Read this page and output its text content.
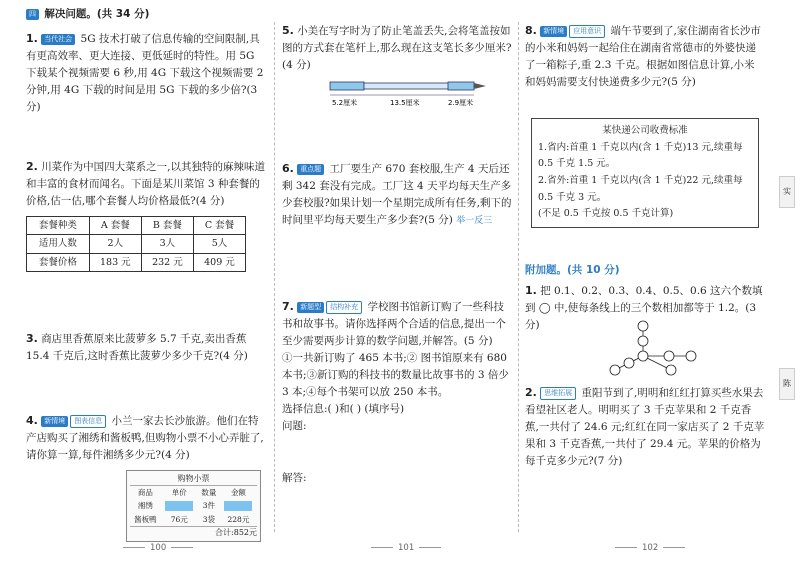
四 解决问题。(共 34 分)
1. 当代社会 5G 技术打破了信息传输的空间限制,具有更高效率、更大连接、更低延时的特性。用 5G 下载某个视频需要 6 秒,用 4G 下载这个视频需要 2 分钟,用 4G 下载的时间是用 5G 下载的多少倍?(3 分)
2. 川菜作为中国四大菜系之一,以其独特的麻辣味道和丰富的食材而闻名。下面是某川菜馆 3 种套餐的价格,估一估,哪个套餐人均价格最低?(4 分)
套餐种类	A 套餐	B 套餐	C 套餐
适用人数	2人	3人	5人
套餐价格	183 元	232 元	409 元
3. 商店里香蕉原来比菠萝多 5.7 千克,卖出香蕉 15.4 千克后,这时香蕉比菠萝少多少千克?(4 分)
4. 新情境 图表信息 小兰一家去长沙旅游。他们在特产店购买了湘绣和酱板鸭,但购物小票不小心弄脏了,请你算一算,每件湘绣多少元?(4 分)
购物小票
商品	单价	数量	金额
湘绣		3件	
酱板鸭	76元	3袋	228元
合计:852元
100
5. 小美在写字时为了防止笔盖丢失,会将笔盖按如图的方式套在笔杆上,那么现在这支笔长多少厘米?(4 分)
5.2厘米	13.5厘米	2.9厘米
6. 重点题 工厂要生产 670 套校服,生产 4 天后还剩 342 套没有完成。工厂这 4 天平均每天生产多少套校服?如果计划一个星期完成所有任务,剩下的时间里平均每天要生产多少套?(5 分) 举一反三
7. 新题型 结构补充 学校图书馆新订购了一些科技书和故事书。请你选择两个合适的信息,提出一个至少需要两步计算的数学问题,并解答。(5 分)
①一共新订购了 465 本书;② 图书馆原来有 680 本书;③新订购的科技书的数量比故事书的 3 倍少 3 本;④每个书架可以放 250 本书。
选择信息:( )和( ) (填序号)
问题:
解答:
101
8. 新情境 应用意识 端午节要到了,家住湖南省长沙市的小米和妈妈一起给住在湖南省常德市的外婆快递了一箱粽子,重 2.3 千克。根据如图信息计算,小米和妈妈需要支付快递费多少元?(5 分)
某快递公司收费标准
1.省内:首重 1 千克以内(含 1 千克)13 元,续重每 0.5 千克 1.5 元。
2.省外:首重 1 千克以内(含 1 千克)22 元,续重每 0.5 千克 3 元。
(不足 0.5 千克按 0.5 千克计算)
附加题。(共 10 分)
1. 把 0.1、0.2、0.3、0.4、0.5、0.6 这六个数填到 ◯ 中,使每条线上的三个数相加都等于 1.2。(3 分)
2. 思维拓展 重阳节到了,明明和红红打算买些水果去看望社区老人。明明买了 3 千克苹果和 2 千克香蕉,一共付了 24.6 元;红红在同一家店买了 2 千克苹果和 3 千克香蕉,一共付了 29.4 元。苹果的价格为每千克多少元?(7 分)
102
实
陈
